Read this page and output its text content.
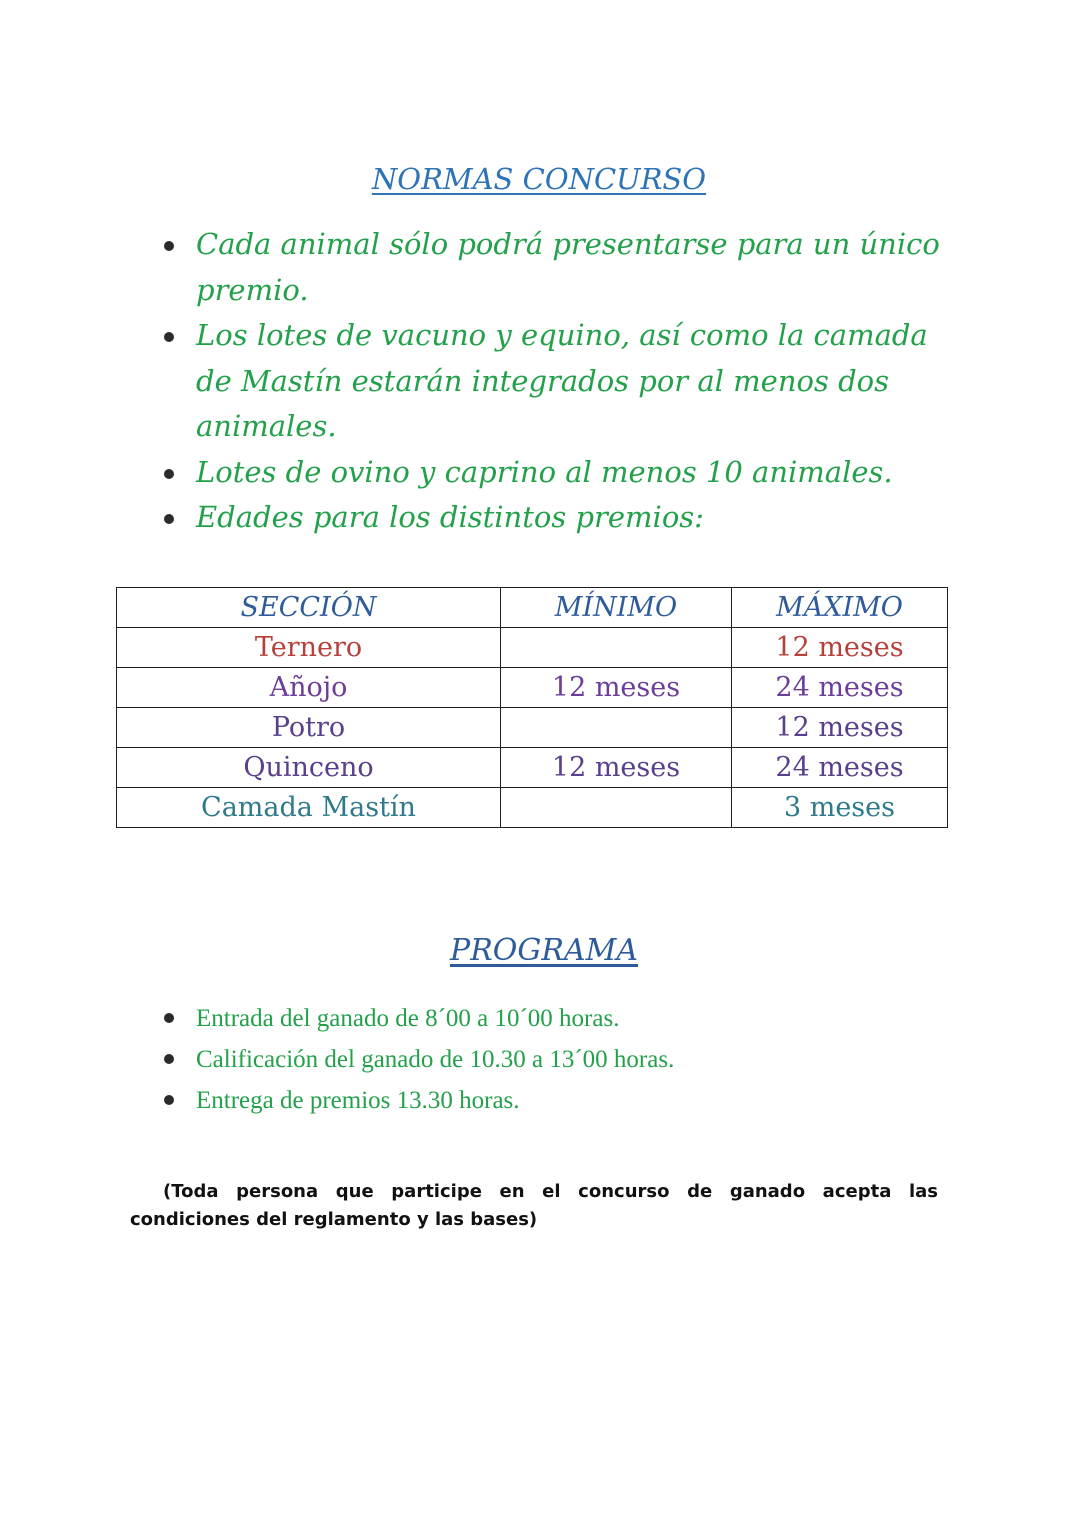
NORMAS CONCURSO
Cada animal sólo podrá presentarse para un único premio.
Los lotes de vacuno y equino, así como la camada de Mastín estarán integrados por al menos dos animales.
Lotes de ovino y caprino al menos 10 animales.
Edades para los distintos premios:
SECCIÓN	MÍNIMO	MÁXIMO
Ternero		12 meses
Añojo	12 meses	24 meses
Potro		12 meses
Quinceno	12 meses	24 meses
Camada Mastín		3 meses
PROGRAMA
Entrada del ganado de 8´00 a 10´00 horas.
Calificación del ganado de 10.30 a 13´00 horas.
Entrega de premios 13.30 horas.
(Toda persona que participe en el concurso de ganado acepta las condiciones del reglamento y las bases)
